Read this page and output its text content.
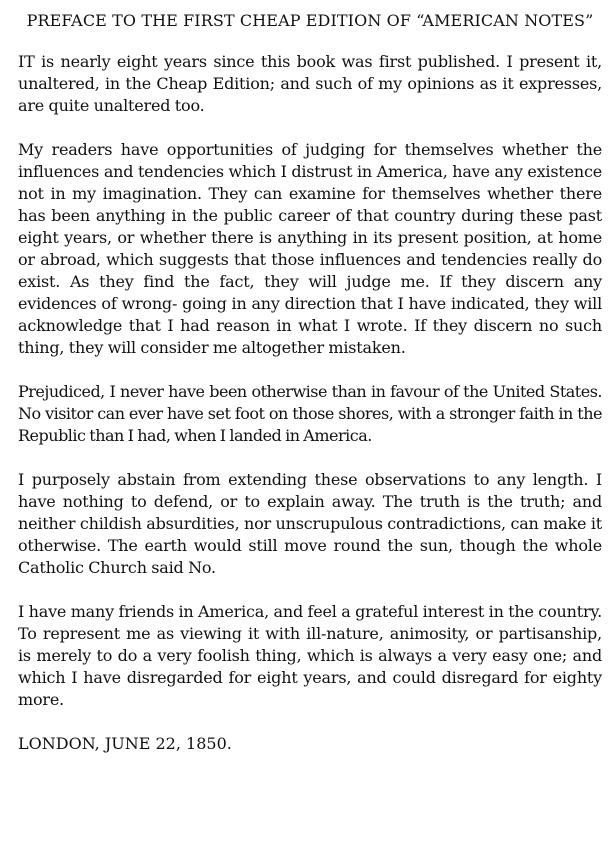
PREFACE TO THE FIRST CHEAP EDITION OF “AMERICAN NOTES”

IT is nearly eight years since this book was first published. I present it, unaltered, in the Cheap Edition; and such of my opinions as it expresses, are quite unaltered too.

My readers have opportunities of judging for themselves whether the influences and tendencies which I distrust in America, have any existence not in my imagination. They can examine for themselves whether there has been anything in the public career of that country during these past eight years, or whether there is anything in its present position, at home or abroad, which suggests that those influences and tendencies really do exist. As they find the fact, they will judge me. If they discern any evidences of wrong- going in any direction that I have indicated, they will acknowledge that I had reason in what I wrote. If they discern no such thing, they will consider me altogether mistaken.

Prejudiced, I never have been otherwise than in favour of the United States. No visitor can ever have set foot on those shores, with a stronger faith in the Republic than I had, when I landed in America.

I purposely abstain from extending these observations to any length. I have nothing to defend, or to explain away. The truth is the truth; and neither childish absurdities, nor unscrupulous contradictions, can make it otherwise. The earth would still move round the sun, though the whole Catholic Church said No.

I have many friends in America, and feel a grateful interest in the country. To represent me as viewing it with ill-nature, animosity, or partisanship, is merely to do a very foolish thing, which is always a very easy one; and which I have disregarded for eight years, and could disregard for eighty more.

LONDON, JUNE 22, 1850.
